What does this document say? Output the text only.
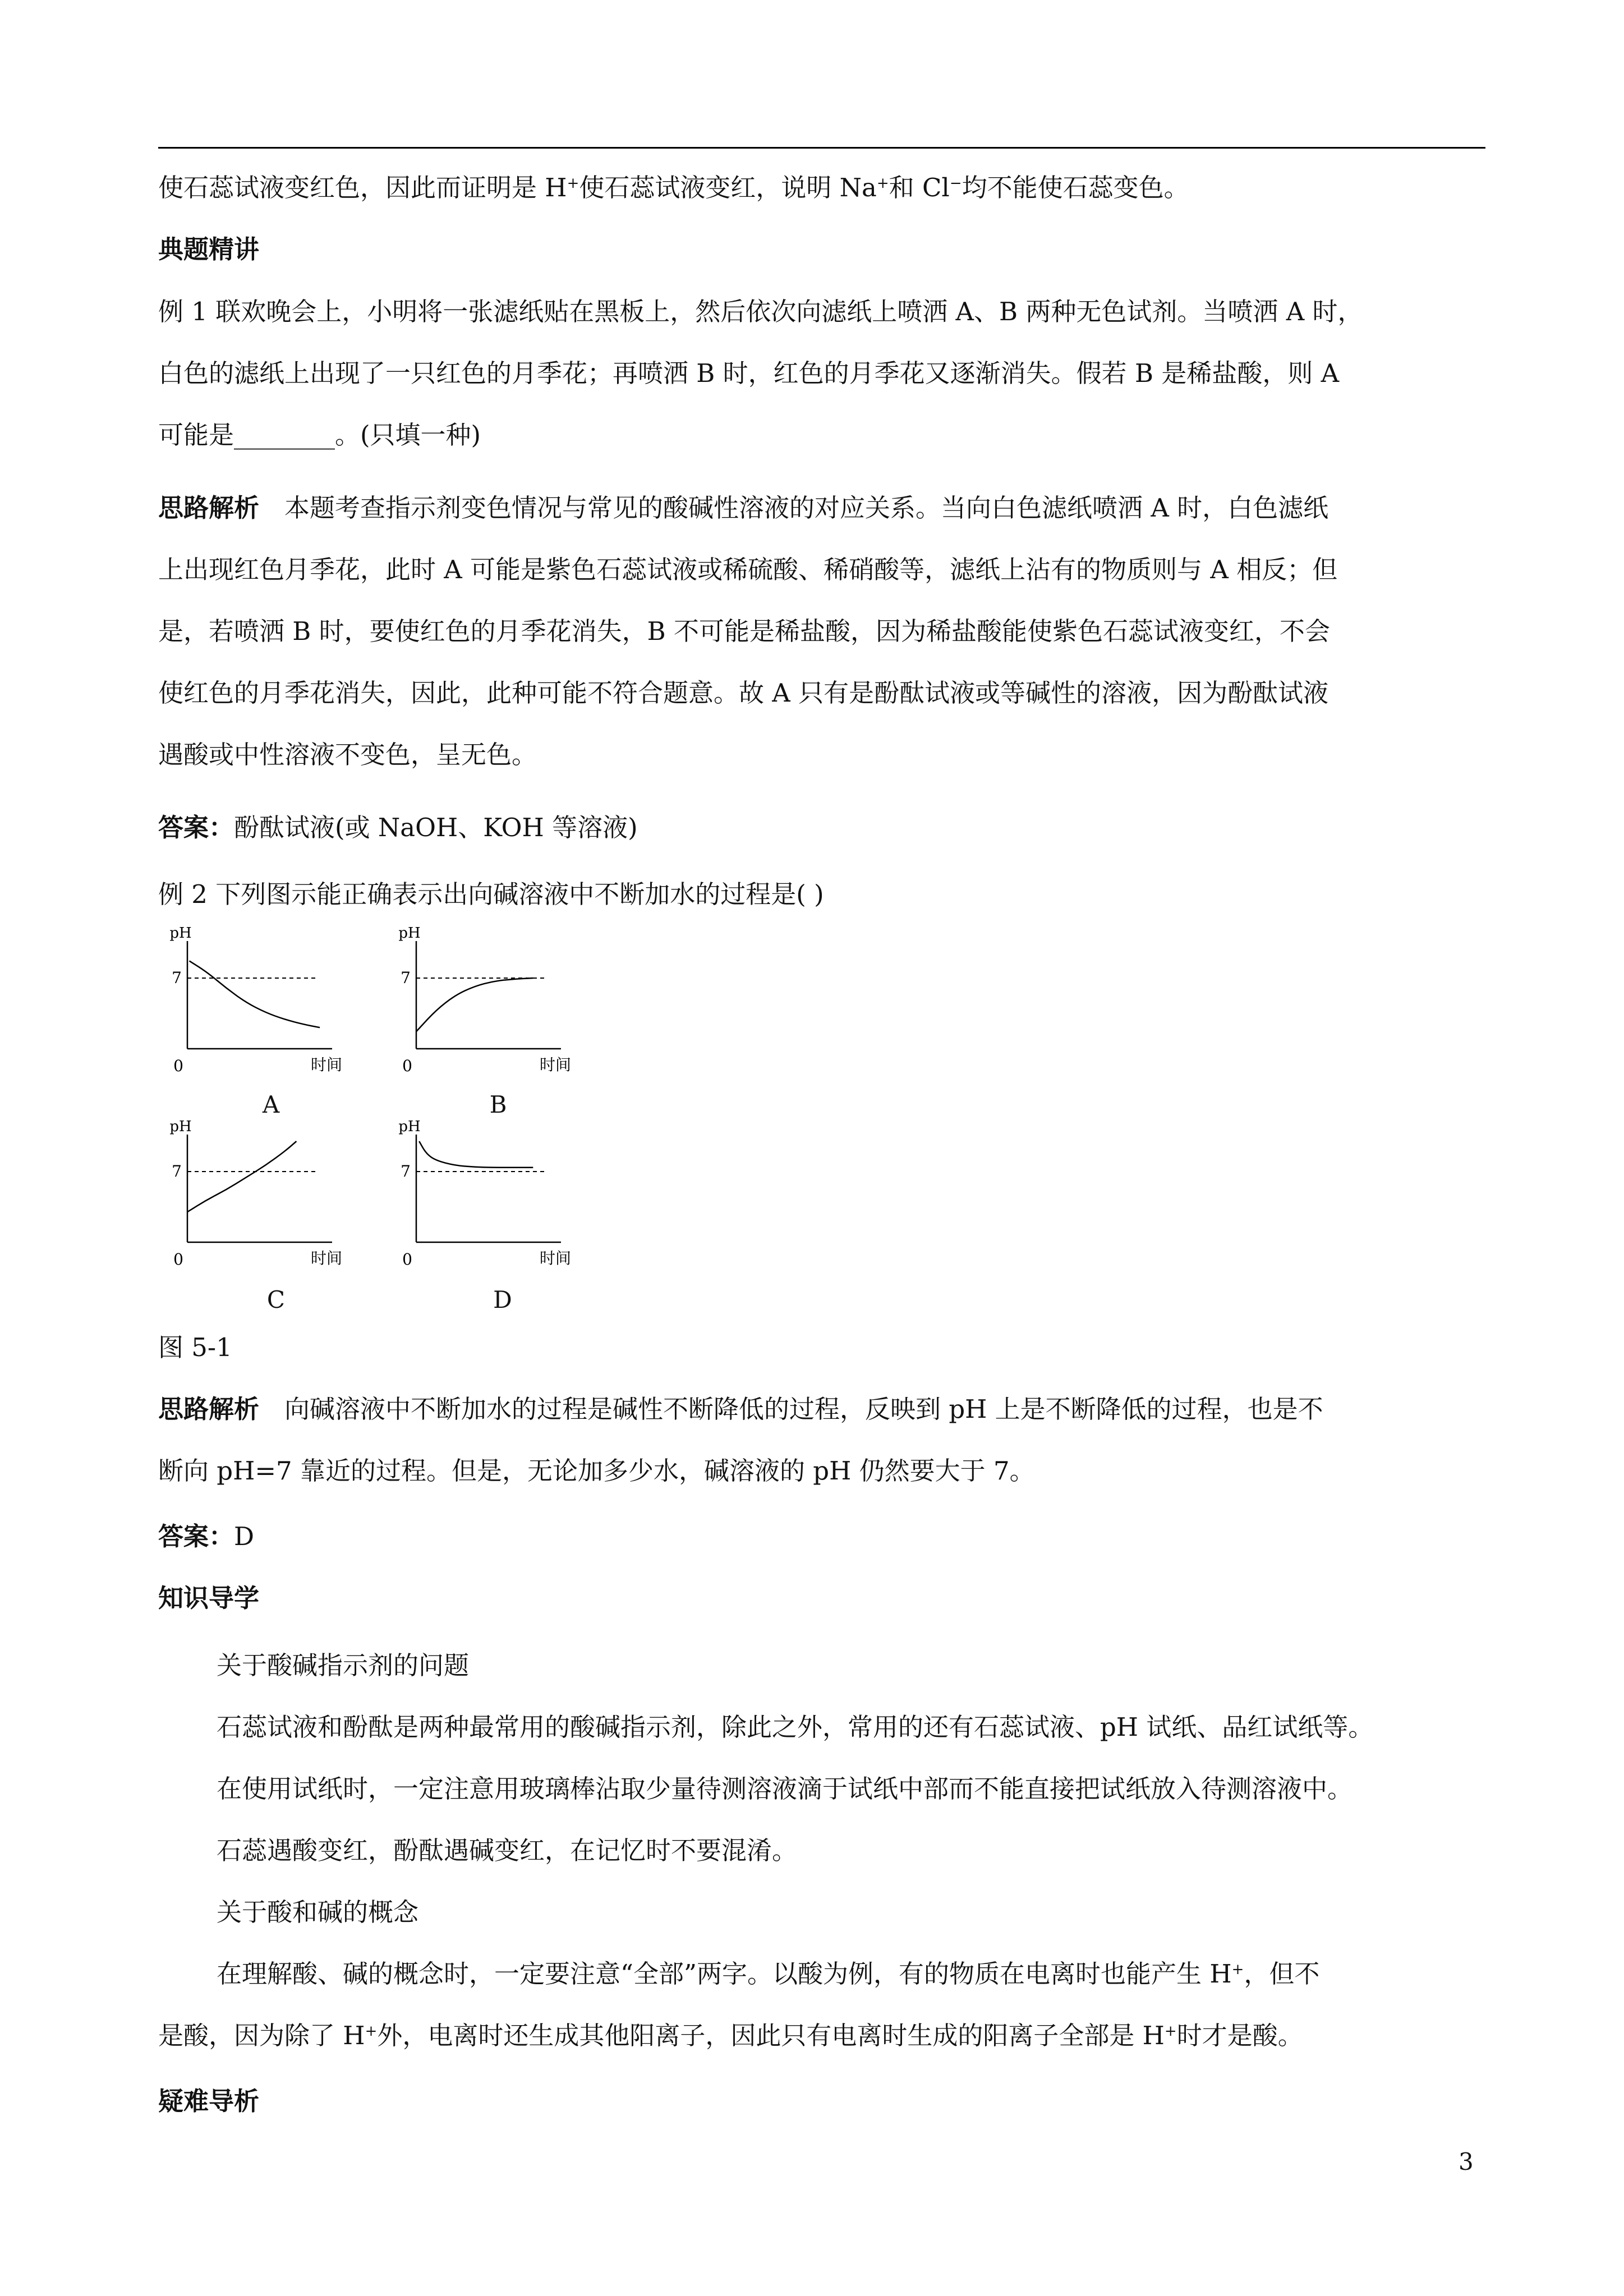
使石蕊试液变红色，因此而证明是 H+使石蕊试液变红，说明 Na+和 Cl−均不能使石蕊变色。
典题精讲
例 1 联欢晚会上，小明将一张滤纸贴在黑板上，然后依次向滤纸上喷洒 A、B 两种无色试剂。当喷洒 A 时，
白色的滤纸上出现了一只红色的月季花；再喷洒 B 时，红色的月季花又逐渐消失。假若 B 是稀盐酸，则 A
可能是________。(只填一种)
思路解析 本题考查指示剂变色情况与常见的酸碱性溶液的对应关系。当向白色滤纸喷洒 A 时，白色滤纸
上出现红色月季花，此时 A 可能是紫色石蕊试液或稀硫酸、稀硝酸等，滤纸上沾有的物质则与 A 相反；但
是，若喷洒 B 时，要使红色的月季花消失，B 不可能是稀盐酸，因为稀盐酸能使紫色石蕊试液变红，不会
使红色的月季花消失，因此，此种可能不符合题意。故 A 只有是酚酞试液或等碱性的溶液，因为酚酞试液
遇酸或中性溶液不变色，呈无色。
答案：酚酞试液(或 NaOH、KOH 等溶液)
例 2 下列图示能正确表示出向碱溶液中不断加水的过程是( )
7
pH
0	时间
7
pH
0	时间
7
pH
0	时间
7
pH
0	时间
A	B
C	D
图 5-1
思路解析 向碱溶液中不断加水的过程是碱性不断降低的过程，反映到 pH 上是不断降低的过程，也是不
断向 pH=7 靠近的过程。但是，无论加多少水，碱溶液的 pH 仍然要大于 7。
答案：D
知识导学
关于酸碱指示剂的问题
石蕊试液和酚酞是两种最常用的酸碱指示剂，除此之外，常用的还有石蕊试液、pH 试纸、品红试纸等。
在使用试纸时，一定注意用玻璃棒沾取少量待测溶液滴于试纸中部而不能直接把试纸放入待测溶液中。
石蕊遇酸变红，酚酞遇碱变红，在记忆时不要混淆。
关于酸和碱的概念
在理解酸、碱的概念时，一定要注意“全部”两字。以酸为例，有的物质在电离时也能产生 H+，但不
是酸，因为除了 H+外，电离时还生成其他阳离子，因此只有电离时生成的阳离子全部是 H+时才是酸。
疑难导析
3
